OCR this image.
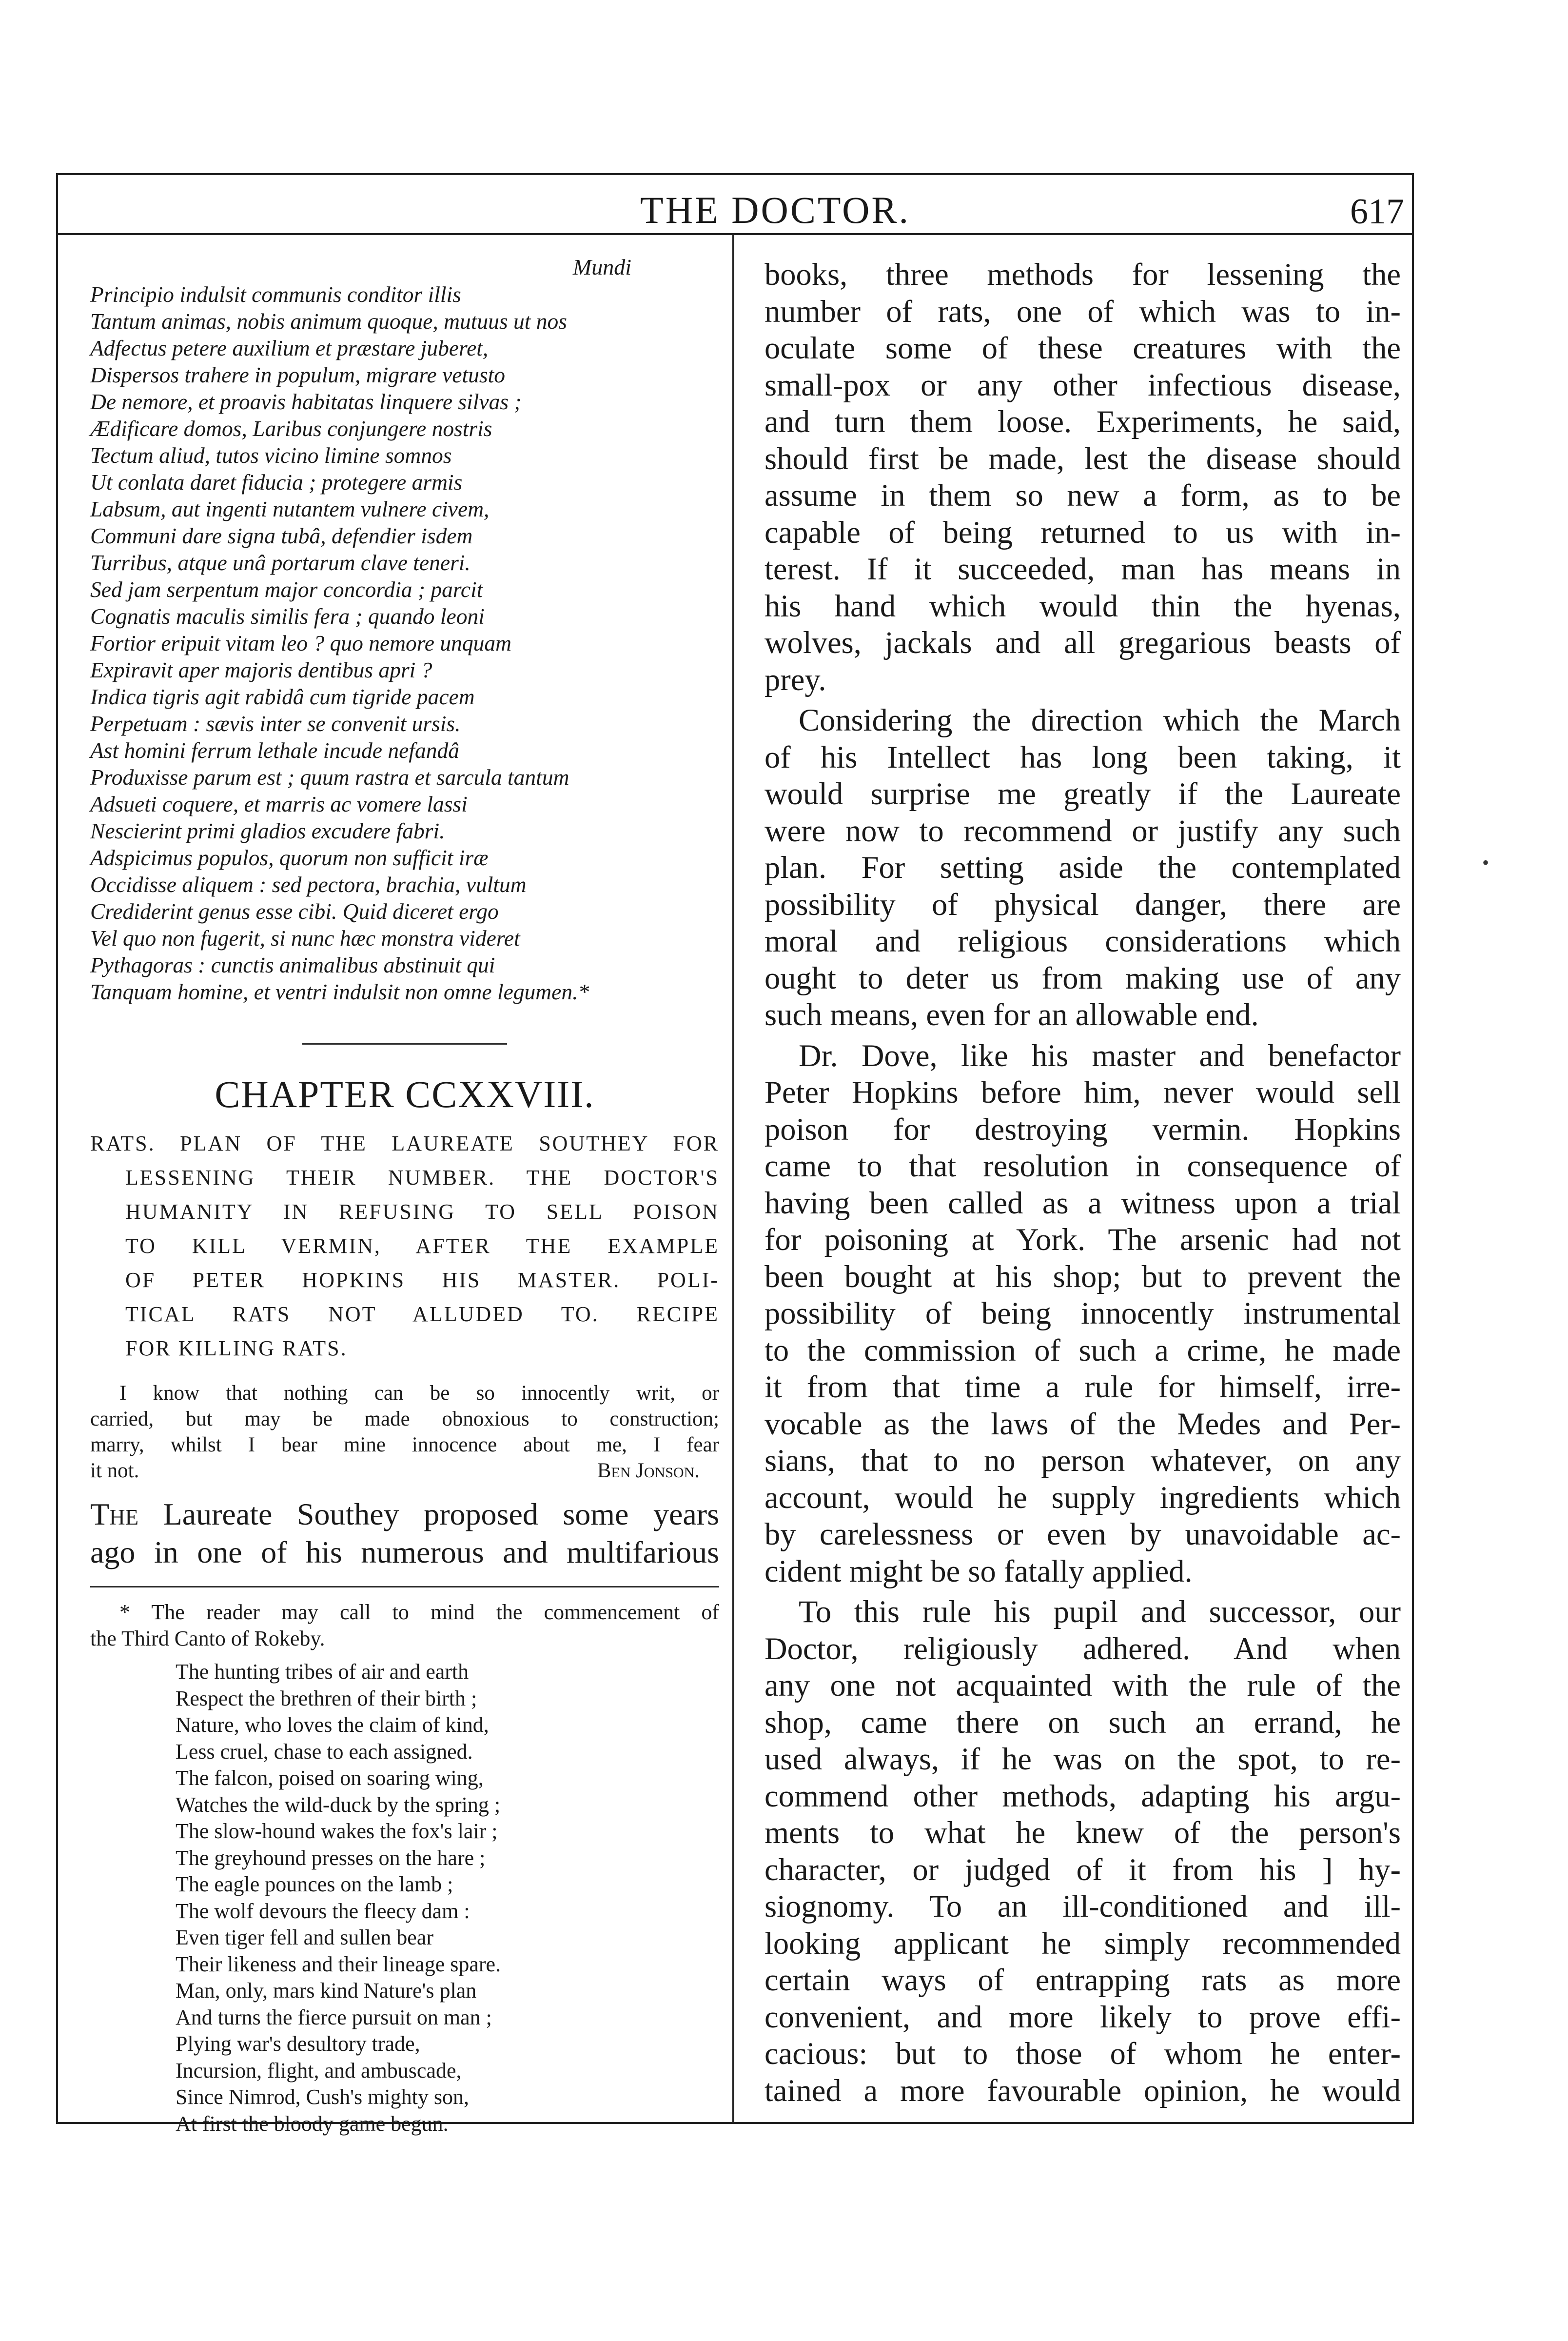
THE DOCTOR.	617
Mundi
Principio indulsit communis conditor illis
Tantum animas, nobis animum quoque, mutuus ut nos
Adfectus petere auxilium et præstare juberet,
Dispersos trahere in populum, migrare vetusto
De nemore, et proavis habitatas linquere silvas ;
Ædificare domos, Laribus conjungere nostris
Tectum aliud, tutos vicino limine somnos
Ut conlata daret fiducia ; protegere armis
Labsum, aut ingenti nutantem vulnere civem,
Communi dare signa tubâ, defendier isdem
Turribus, atque unâ portarum clave teneri.
Sed jam serpentum major concordia ; parcit
Cognatis maculis similis fera ; quando leoni
Fortior eripuit vitam leo ? quo nemore unquam
Expiravit aper majoris dentibus apri ?
Indica tigris agit rabidâ cum tigride pacem
Perpetuam : sævis inter se convenit ursis.
Ast homini ferrum lethale incude nefandâ
Produxisse parum est ; quum rastra et sarcula tantum
Adsueti coquere, et marris ac vomere lassi
Nescierint primi gladios excudere fabri.
Adspicimus populos, quorum non sufficit iræ
Occidisse aliquem : sed pectora, brachia, vultum
Crediderint genus esse cibi. Quid diceret ergo
Vel quo non fugerit, si nunc hæc monstra videret
Pythagoras : cunctis animalibus abstinuit qui
Tanquam homine, et ventri indulsit non omne legumen.*
CHAPTER CCXXVIII.
RATS. PLAN OF THE LAUREATE SOUTHEY FOR
LESSENING THEIR NUMBER. THE DOCTOR'S
HUMANITY IN REFUSING TO SELL POISON
TO KILL VERMIN, AFTER THE EXAMPLE
OF PETER HOPKINS HIS MASTER. POLI-
TICAL RATS NOT ALLUDED TO. RECIPE
FOR KILLING RATS.
I know that nothing can be so innocently writ, or
carried, but may be made obnoxious to construction;
marry, whilst I bear mine innocence about me, I fear
it not.	Ben Jonson.
The Laureate Southey proposed some years
ago in one of his numerous and multifarious
* The reader may call to mind the commencement of
the Third Canto of Rokeby.
The hunting tribes of air and earth
Respect the brethren of their birth ;
Nature, who loves the claim of kind,
Less cruel, chase to each assigned.
The falcon, poised on soaring wing,
Watches the wild-duck by the spring ;
The slow-hound wakes the fox's lair ;
The greyhound presses on the hare ;
The eagle pounces on the lamb ;
The wolf devours the fleecy dam :
Even tiger fell and sullen bear
Their likeness and their lineage spare.
Man, only, mars kind Nature's plan
And turns the fierce pursuit on man ;
Plying war's desultory trade,
Incursion, flight, and ambuscade,
Since Nimrod, Cush's mighty son,
At first the bloody game begun.
books, three methods for lessening the
number of rats, one of which was to in-
oculate some of these creatures with the
small-pox or any other infectious disease,
and turn them loose. Experiments, he said,
should first be made, lest the disease should
assume in them so new a form, as to be
capable of being returned to us with in-
terest. If it succeeded, man has means in
his hand which would thin the hyenas,
wolves, jackals and all gregarious beasts of
prey.
Considering the direction which the March
of his Intellect has long been taking, it
would surprise me greatly if the Laureate
were now to recommend or justify any such
plan. For setting aside the contemplated
possibility of physical danger, there are
moral and religious considerations which
ought to deter us from making use of any
such means, even for an allowable end.
Dr. Dove, like his master and benefactor
Peter Hopkins before him, never would sell
poison for destroying vermin. Hopkins
came to that resolution in consequence of
having been called as a witness upon a trial
for poisoning at York. The arsenic had not
been bought at his shop; but to prevent the
possibility of being innocently instrumental
to the commission of such a crime, he made
it from that time a rule for himself, irre-
vocable as the laws of the Medes and Per-
sians, that to no person whatever, on any
account, would he supply ingredients which
by carelessness or even by unavoidable ac-
cident might be so fatally applied.
To this rule his pupil and successor, our
Doctor, religiously adhered. And when
any one not acquainted with the rule of the
shop, came there on such an errand, he
used always, if he was on the spot, to re-
commend other methods, adapting his argu-
ments to what he knew of the person's
character, or judged of it from his ] hy-
siognomy. To an ill-conditioned and ill-
looking applicant he simply recommended
certain ways of entrapping rats as more
convenient, and more likely to prove effi-
cacious: but to those of whom he enter-
tained a more favourable opinion, he would
•
